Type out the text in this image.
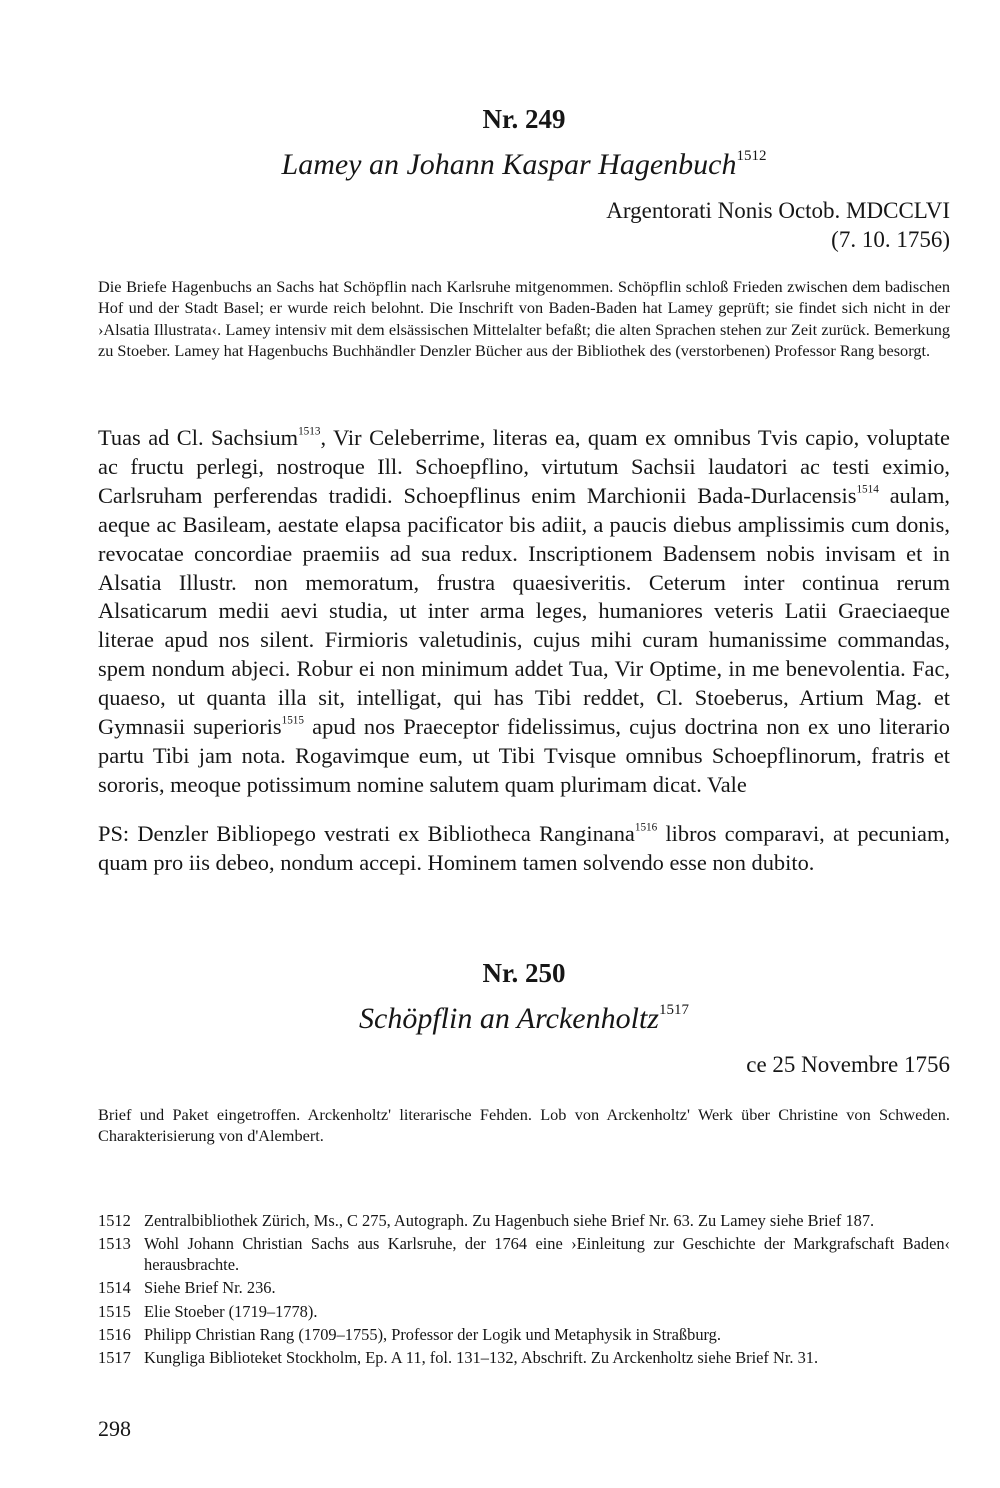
Nr. 249
Lamey an Johann Kaspar Hagenbuch$^{1512}$
Argentorati Nonis Octob. MDCCLVI
(7. 10. 1756)
Die Briefe Hagenbuchs an Sachs hat Schöpflin nach Karlsruhe mitgenommen. Schöpflin schloß Frieden zwischen dem badischen Hof und der Stadt Basel; er wurde reich belohnt. Die Inschrift von Baden-Baden hat Lamey geprüft; sie findet sich nicht in der ›Alsatia Illustrata‹. Lamey intensiv mit dem elsässischen Mittelalter befaßt; die alten Sprachen stehen zur Zeit zurück. Bemerkung zu Stoeber. Lamey hat Hagenbuchs Buchhändler Denzler Bücher aus der Bibliothek des (verstorbenen) Professor Rang besorgt.
Tuas ad Cl. Sachsium$^{1513}$, Vir Celeberrime, literas ea, quam ex omnibus Tvis capio, voluptate ac fructu perlegi, nostroque Ill. Schoepflino, virtutum Sachsii laudatori ac testi eximio, Carlsruham perferendas tradidi. Schoepflinus enim Marchionii Bada-Durlacensis$^{1514}$ aulam, aeque ac Basileam, aestate elapsa pacificator bis adiit, a paucis diebus amplissimis cum donis, revocatae concordiae praemiis ad sua redux. Inscriptionem Badensem nobis invisam et in Alsatia Illustr. non memoratum, frustra quaesiveritis. Ceterum inter continua rerum Alsaticarum medii aevi studia, ut inter arma leges, humaniores veteris Latii Graeciaeque literae apud nos silent. Firmioris valetudinis, cujus mihi curam humanissime commandas, spem nondum abjeci. Robur ei non minimum addet Tua, Vir Optime, in me benevolentia. Fac, quaeso, ut quanta illa sit, intelligat, qui has Tibi reddet, Cl. Stoeberus, Artium Mag. et Gymnasii superioris$^{1515}$ apud nos Praeceptor fidelissimus, cujus doctrina non ex uno literario partu Tibi jam nota. Rogavimque eum, ut Tibi Tvisque omnibus Schoepflinorum, fratris et sororis, meoque potissimum nomine salutem quam plurimam dicat. Vale
PS: Denzler Bibliopego vestrati ex Bibliotheca Ranginana$^{1516}$ libros comparavi, at pecuniam, quam pro iis debeo, nondum accepi. Hominem tamen solvendo esse non dubito.
Nr. 250
Schöpflin an Arckenholtz$^{1517}$
ce 25 Novembre 1756
Brief und Paket eingetroffen. Arckenholtz' literarische Fehden. Lob von Arckenholtz' Werk über Christine von Schweden. Charakterisierung von d'Alembert.
1512 Zentralbibliothek Zürich, Ms., C 275, Autograph. Zu Hagenbuch siehe Brief Nr. 63. Zu Lamey siehe Brief 187.
1513 Wohl Johann Christian Sachs aus Karlsruhe, der 1764 eine ›Einleitung zur Geschichte der Markgrafschaft Baden‹ herausbrachte.
1514 Siehe Brief Nr. 236.
1515 Elie Stoeber (1719–1778).
1516 Philipp Christian Rang (1709–1755), Professor der Logik und Metaphysik in Straßburg.
1517 Kungliga Biblioteket Stockholm, Ep. A 11, fol. 131–132, Abschrift. Zu Arckenholtz siehe Brief Nr. 31.
298
